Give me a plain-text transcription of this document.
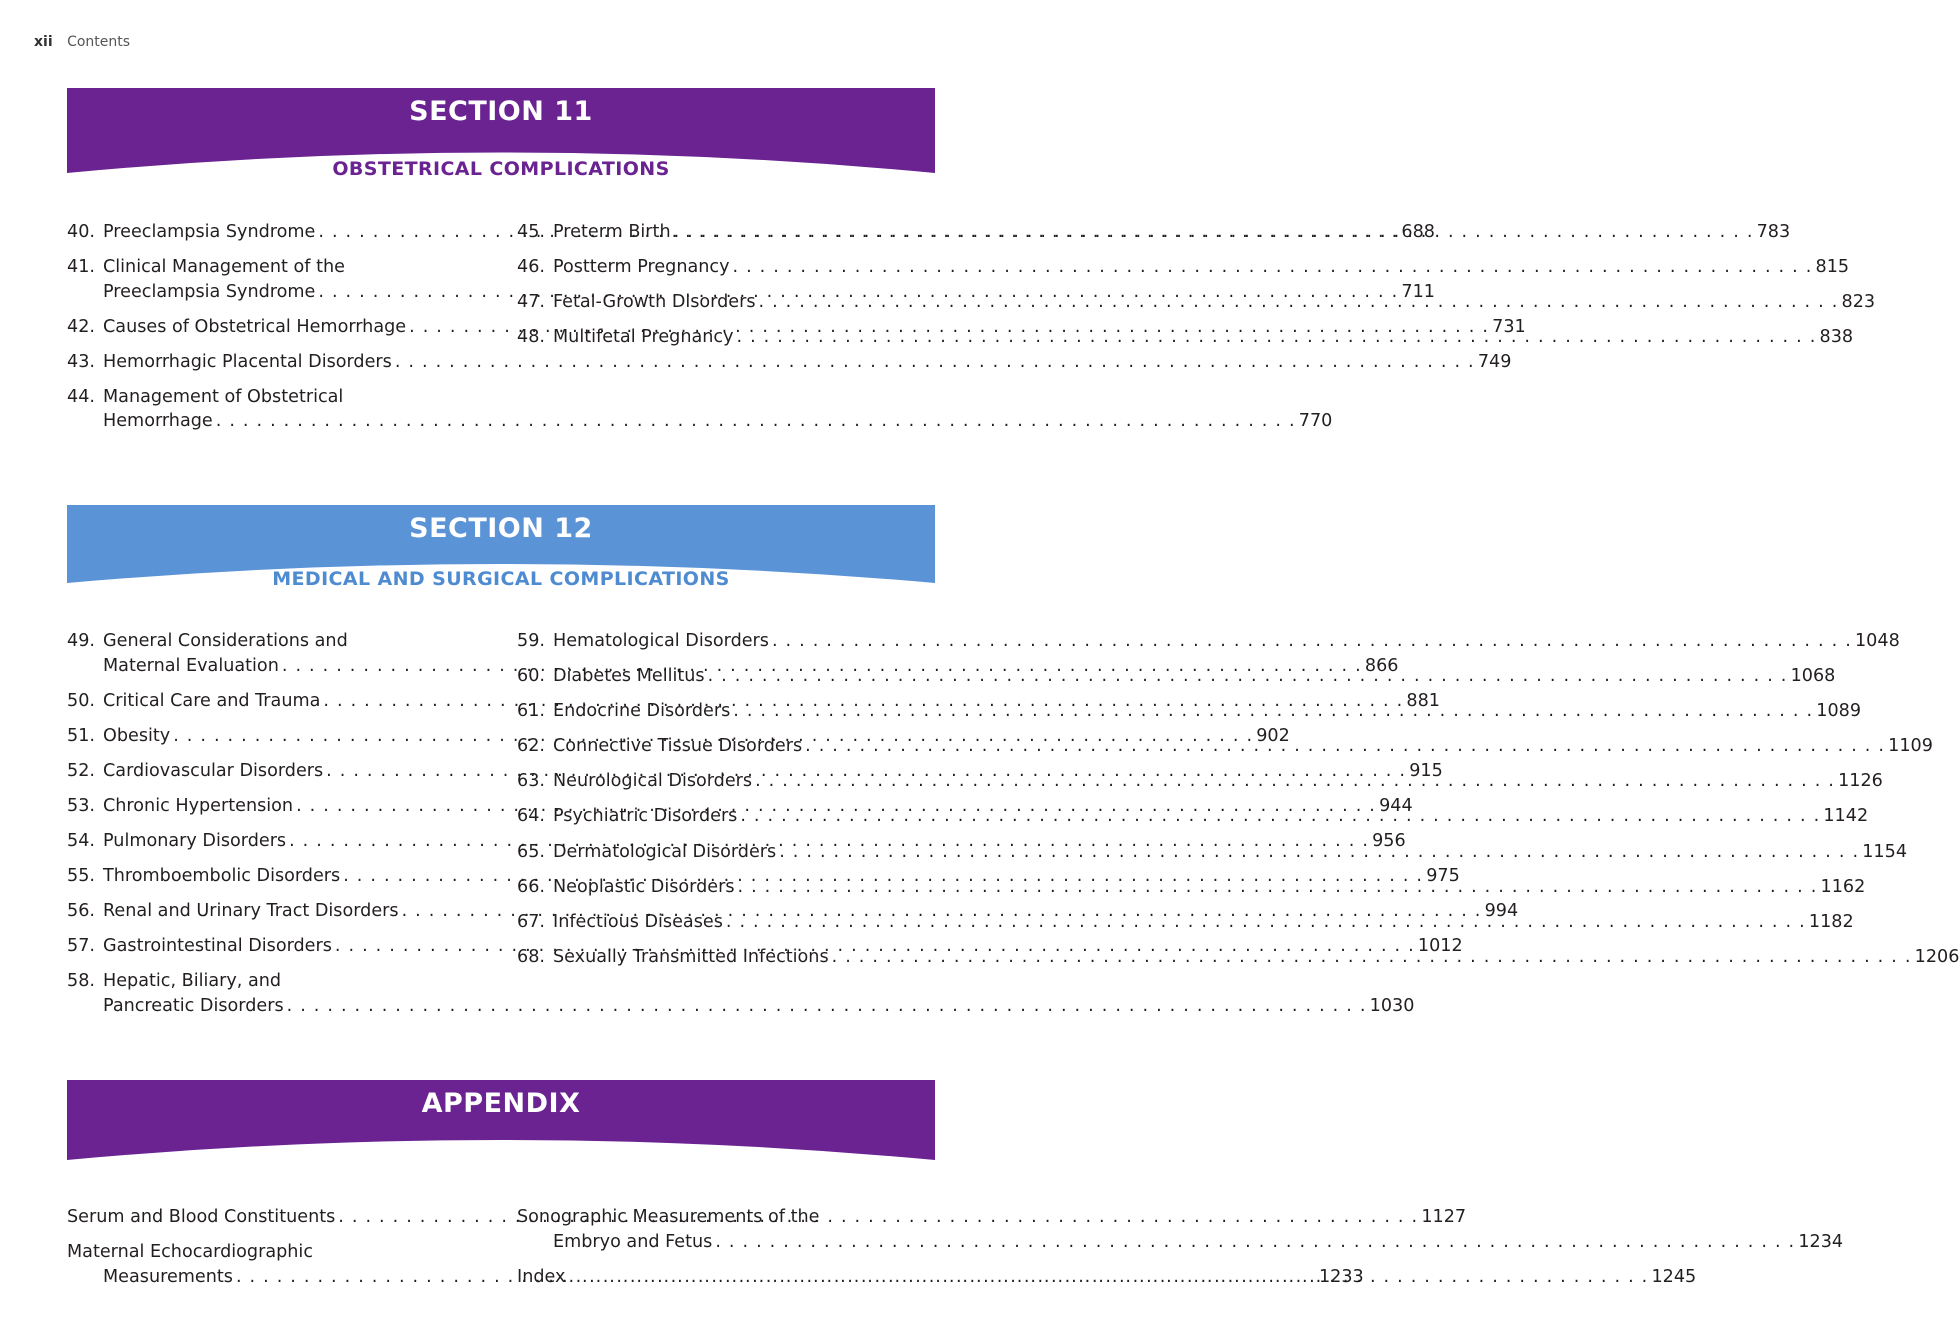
xii Contents
SECTION 11
OBSTETRICAL COMPLICATIONS
40. Preeclampsia Syndrome . . .	688
41. Clinical Management of the
Preeclampsia Syndrome . . .	711
42. Causes of Obstetrical Hemorrhage . . .	731
43. Hemorrhagic Placental Disorders . . .	749
44. Management of Obstetrical
Hemorrhage . . .	770
45. Preterm Birth . . .	783
46. Postterm Pregnancy . . .	815
47. Fetal-Growth Disorders . . .	823
48. Multifetal Pregnancy . . .	838
SECTION 12
MEDICAL AND SURGICAL COMPLICATIONS
49. General Considerations and
Maternal Evaluation . . .	866
50. Critical Care and Trauma . . .	881
51. Obesity . . .	902
52. Cardiovascular Disorders . . .	915
53. Chronic Hypertension . . .	944
54. Pulmonary Disorders . . .	956
55. Thromboembolic Disorders . . .	975
56. Renal and Urinary Tract Disorders . . .	994
57. Gastrointestinal Disorders . . .	1012
58. Hepatic, Biliary, and
Pancreatic Disorders . . .	1030
59. Hematological Disorders . . .	1048
60. Diabetes Mellitus . . .	1068
61. Endocrine Disorders . . .	1089
62. Connective Tissue Disorders . . .	1109
63. Neurological Disorders . . .	1126
64. Psychiatric Disorders . . .	1142
65. Dermatological Disorders . . .	1154
66. Neoplastic Disorders . . .	1162
67. Infectious Diseases . . .	1182
68. Sexually Transmitted Infections . . .	1206
APPENDIX
Serum and Blood Constituents . . .	1127
Maternal Echocardiographic
Measurements . . .	1233
Sonographic Measurements of the
Embryo and Fetus . . .	1234
Index . . .	1245
